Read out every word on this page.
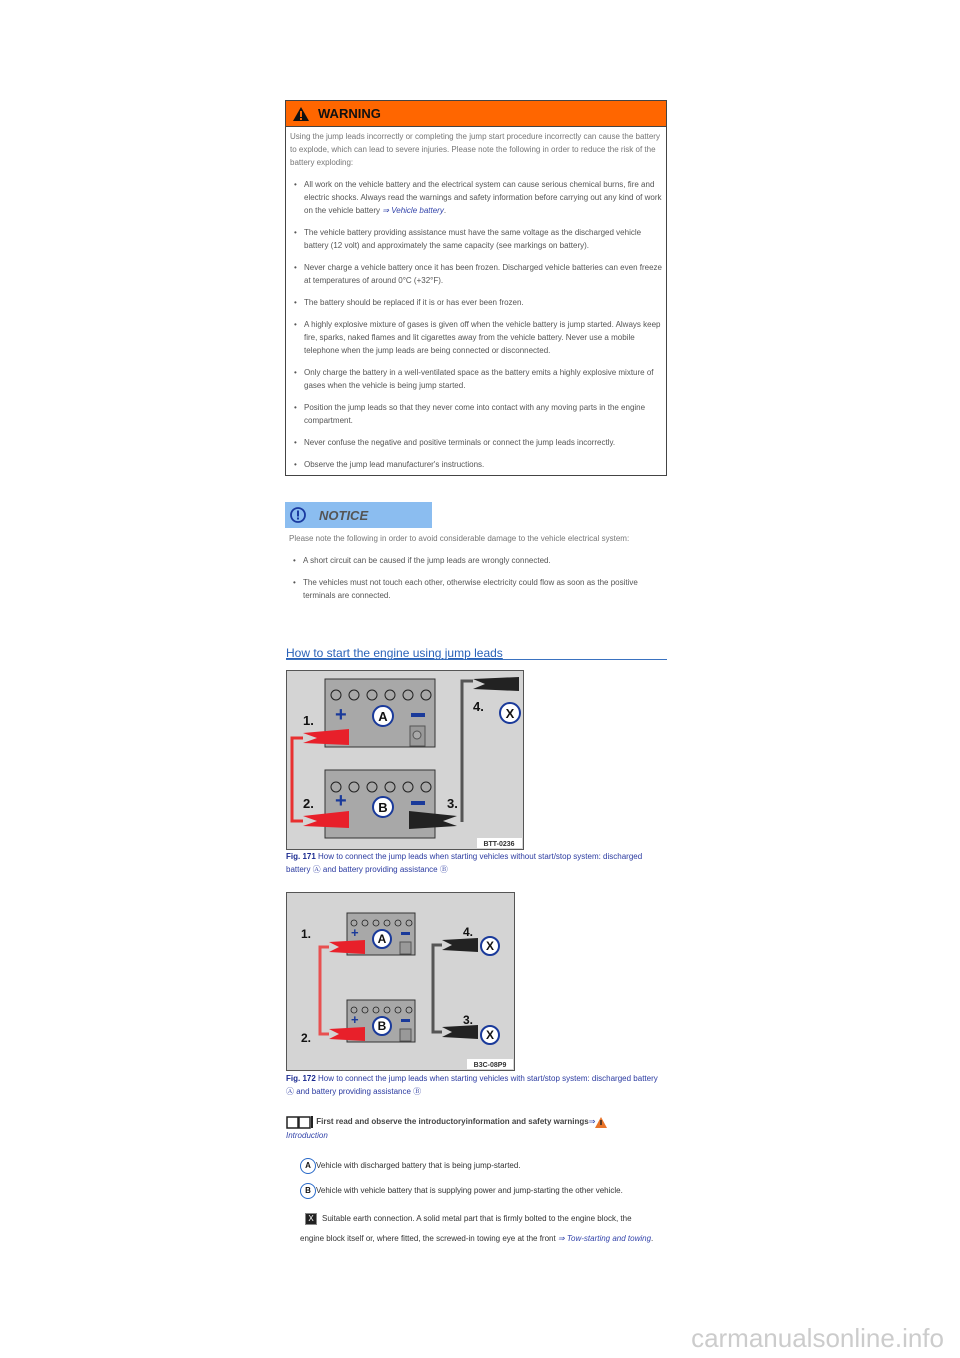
WARNING
Using the jump leads incorrectly or completing the jump start procedure incorrectly can cause the battery to explode, which can lead to severe injuries. Please note the following in order to reduce the risk of the battery exploding:
• All work on the vehicle battery and the electrical system can cause serious chemical burns, fire and electric shocks. Always read the warnings and safety information before carrying out any kind of work on the vehicle battery ⇒ Vehicle battery.
• The vehicle battery providing assistance must have the same voltage as the discharged vehicle battery (12 volt) and approximately the same capacity (see markings on battery).
• Never charge a vehicle battery once it has been frozen. Discharged vehicle batteries can even freeze at temperatures of around 0°C (+32°F).
• The battery should be replaced if it is or has ever been frozen.
• A highly explosive mixture of gases is given off when the vehicle battery is jump started. Always keep fire, sparks, naked flames and lit cigarettes away from the vehicle battery. Never use a mobile telephone when the jump leads are being connected or disconnected.
• Only charge the battery in a well-ventilated space as the battery emits a highly explosive mixture of gases when the vehicle is being jump started.
• Position the jump leads so that they never come into contact with any moving parts in the engine compartment.
• Never confuse the negative and positive terminals or connect the jump leads incorrectly.
• Observe the jump lead manufacturer's instructions.
NOTICE
Please note the following in order to avoid considerable damage to the vehicle electrical system:
• A short circuit can be caused if the jump leads are wrongly connected.
• The vehicles must not touch each other, otherwise electricity could flow as soon as the positive terminals are connected.
How to start the engine using jump leads
+
+
A
B
X
1.
2.	3.
4.
BTT-0236
Fig. 171 How to connect the jump leads when starting vehicles without start/stop system: discharged battery Ⓐ and battery providing assistance Ⓑ
+
+
A
B
X
X
1.
2.
3.
4.
B3C-08P9
Fig. 172 How to connect the jump leads when starting vehicles with start/stop system: discharged battery Ⓐ and battery providing assistance Ⓑ
First read and observe the introductoryinformation and safety warnings⇒
Introduction
A Vehicle with discharged battery that is being jump-started.
B Vehicle with vehicle battery that is supplying power and jump-starting the other vehicle.
X Suitable earth connection. A solid metal part that is firmly bolted to the engine block, the
engine block itself or, where fitted, the screwed-in towing eye at the front ⇒ Tow-starting and towing.
carmanualsonline.info
